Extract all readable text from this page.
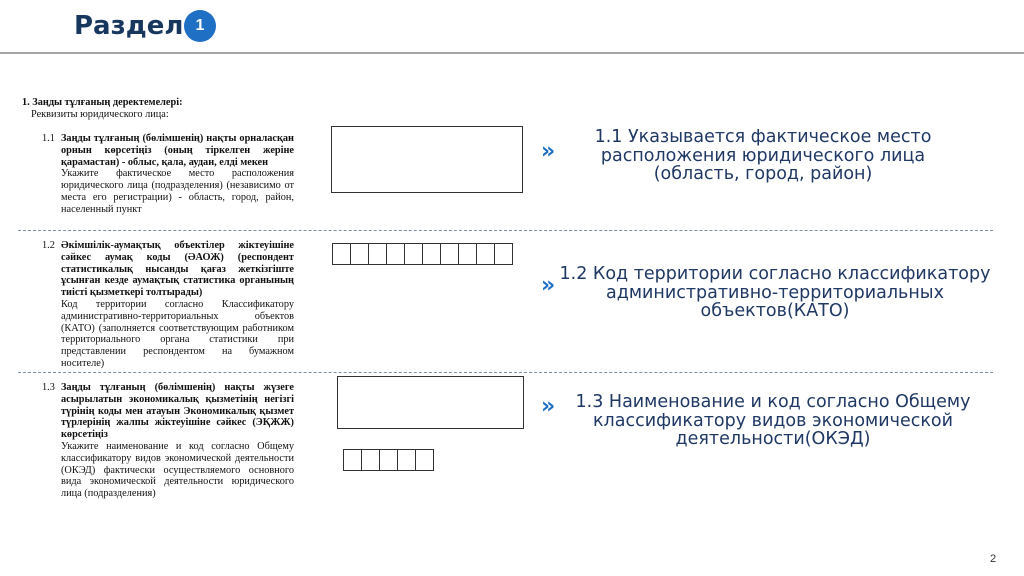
Раздел 1
1. Заңды тұлғаның деректемелері:
Реквизиты юридического лица:
1.1 Заңды тұлғаның (бөлімшенің) нақты орналасқан орнын көрсетіңіз (оның тіркелген жеріне қарамастан) - облыс, қала, аудан, елді мекен
Укажите фактическое место расположения юридического лица (подразделения) (независимо от места его регистрации) - область, город, район, населенный пункт
»
1.1 Указывается фактическое место расположения юридического лица (область, город, район)
1.2 Әкімшілік-аумақтық объектілер жіктеуішіне сәйкес аумақ коды (ӘАОЖ) (респондент статистикалық нысанды қағаз жеткізгіште ұсынған кезде аумақтық статистика органының тиісті қызметкері толтырады)
Код территории согласно Классификатору административно-территориальных объектов (КАТО) (заполняется соответствующим работником территориального органа статистики при представлении респондентом на бумажном носителе)
» 1.2 Код территории согласно классификатору административно-территориальных объектов(КАТО)
1.3 Заңды тұлғаның (бөлімшенің) нақты жүзеге асырылатын экономикалық қызметінің негізгі түрінің коды мен атауын Экономикалық қызмет түрлерінің жалпы жіктеуішіне сәйкес (ЭҚЖЖ) көрсетіңіз
Укажите наименование и код согласно Общему классификатору видов экономической деятельности (ОКЭД) фактически осуществляемого основного вида экономической деятельности юридического лица (подразделения)
»	1.3 Наименование и код согласно Общему классификатору видов экономической деятельности(ОКЭД)
2
